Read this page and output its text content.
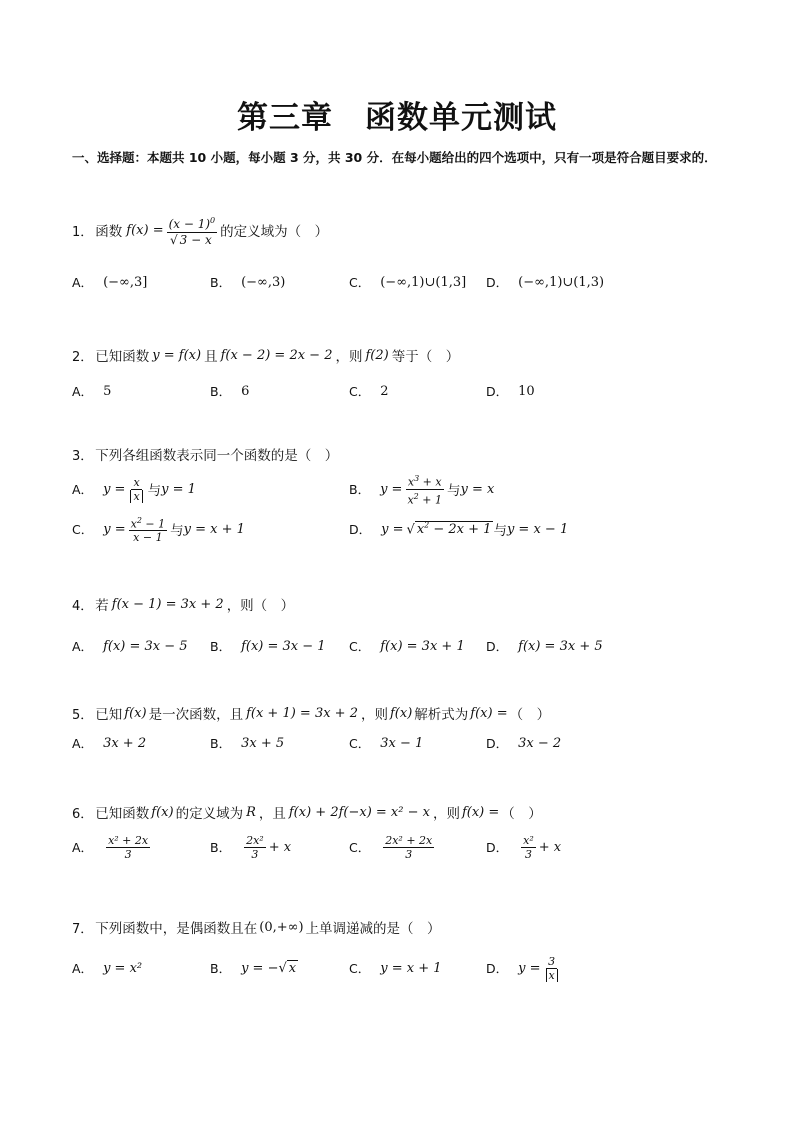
第三章　函数单元测试
一、选择题：本题共 10 小题，每小题 3 分，共 30 分．在每小题给出的四个选项中，只有一项是符合题目要求的．
1． 函数 $f(x) = \frac{(x - 1)^0}{√ 3 - x}$ 的定义域为（　）
A． (−∞,3]	B． (−∞,3)	C． (−∞,1)∪(1,3] D． (−∞,1)∪(1,3)
2． 已知函数 y = f(x) 且 f(x − 2) = 2x − 2 ，则 f(2) 等于（　）
A． 5	B． 6	C． 2	D． 10
3． 下列各组函数表示同一个函数的是（　）
A． $y = \frac{x}{x}$ 与 y = 1	B． $y = \frac{x^3 + x}{x^2 + 1}$ 与 y = x
C． $y = \frac{x^2 - 1}{x - 1}$ 与 y = x + 1	D． y = √ $x^2 - 2x + 1$ 与 y = x − 1
4． 若 f(x − 1) = 3x + 2 ，则（　）
A． f(x) = 3x − 5 B． f(x) = 3x − 1 C． f(x) = 3x + 1 D． f(x) = 3x + 5
5． 已知 f(x) 是一次函数，且 f(x + 1) = 3x + 2 ，则 f(x) 解析式为 f(x) = （　）
A． 3x + 2	B． 3x + 5	C． 3x − 1	D． 3x − 2
6． 已知函数 f(x) 的定义域为 R ，且 f(x) + 2f(−x) = x² − x ，则 f(x) = （　）
A． $\frac{\text{x² + 2x}}{3}$	B． $\frac{\text{2x²}}{3} + x$	C． $\frac{\text{2x² + 2x}}{3}$	D． $\frac{\text{x²}}{3} + x$
7． 下列函数中，是偶函数且在 (0,+∞) 上单调递减的是（　）
A． y = x²	B． y = − √ x	C． y = x + 1	D． $y = \frac{3}{x}$
